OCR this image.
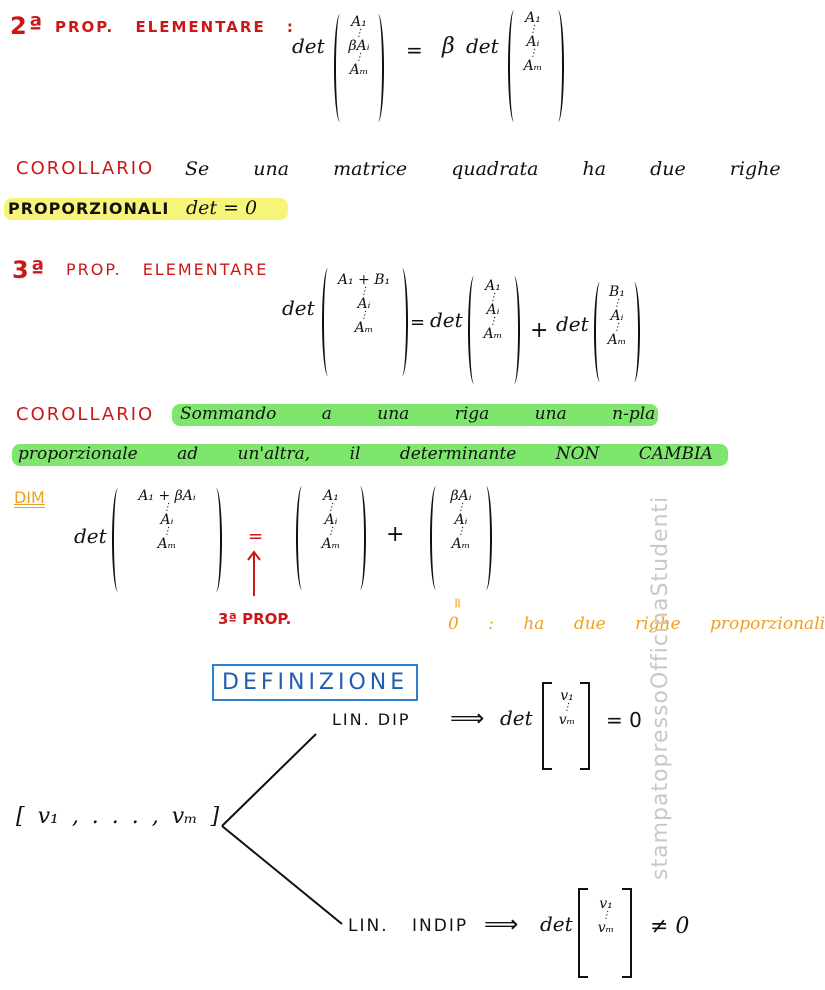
2ª PROP. ELEMENTARE :
det
A₁
⋮
βAᵢ
⋮
Aₘ
= β det
A₁
⋮
Aᵢ
⋮
Aₘ
COROLLARIO Se una matrice quadrata ha due righe
PROPORZIONALI det = 0
3ª PROP. ELEMENTARE
det
A₁ + B₁
⋮
Aᵢ
⋮
Aₘ = det
A₁
⋮
Aᵢ
⋮
Aₘ + det
B₁
⋮
Aᵢ
⋮
Aₘ
COROLLARIO Sommando a una riga una n-pla
proporzionale ad un'altra, il determinante NON CAMBIA
DIM
det
A₁ + βAᵢ
⋮
Aᵢ
⋮
Aₘ	=
3ª PROP.
A₁
⋮
Aᵢ
⋮
Aₘ +
βAᵢ
⋮
Aᵢ
⋮
Aₘ
=
0 : ha due righe proporzionali
DEFINIZIONE
[ v₁ , . . . , vₘ ]
LIN. DIP ⟹ det
v₁
⋮
vₘ = 0
LIN. INDIP ⟹ det
v₁
⋮
vₘ ≠ 0
stampatopressoOfficinaStudenti
